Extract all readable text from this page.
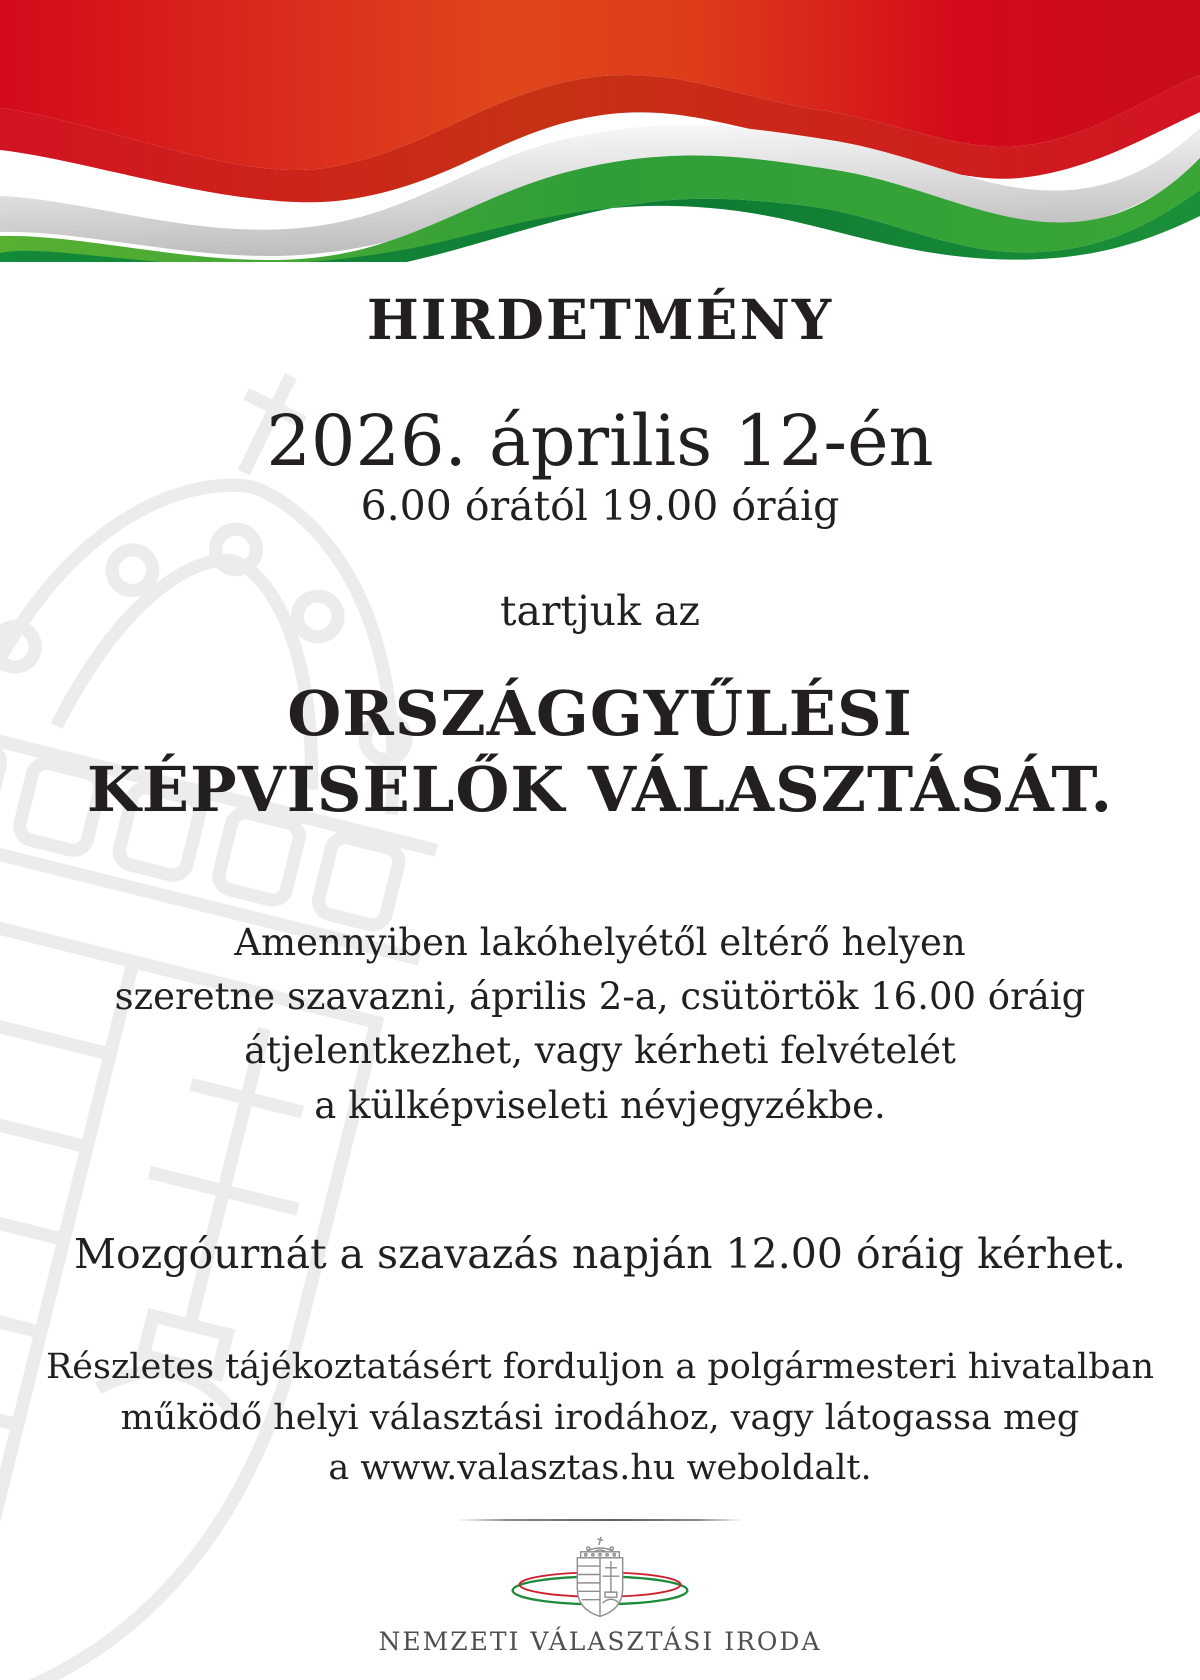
HIRDETMÉNY
2026. április 12-én
6.00 órától 19.00 óráig
tartjuk az
ORSZÁGGYŰLÉSI
KÉPVISELŐK VÁLASZTÁSÁT.
Amennyiben lakóhelyétől eltérő helyen
szeretne szavazni, április 2-a, csütörtök 16.00 óráig
átjelentkezhet, vagy kérheti felvételét
a külképviseleti névjegyzékbe.
Mozgóurnát a szavazás napján 12.00 óráig kérhet.
Részletes tájékoztatásért forduljon a polgármesteri hivatalban
működő helyi választási irodához, vagy látogassa meg
a www.valasztas.hu weboldalt.
NEMZETI VÁLASZTÁSI IRODA
